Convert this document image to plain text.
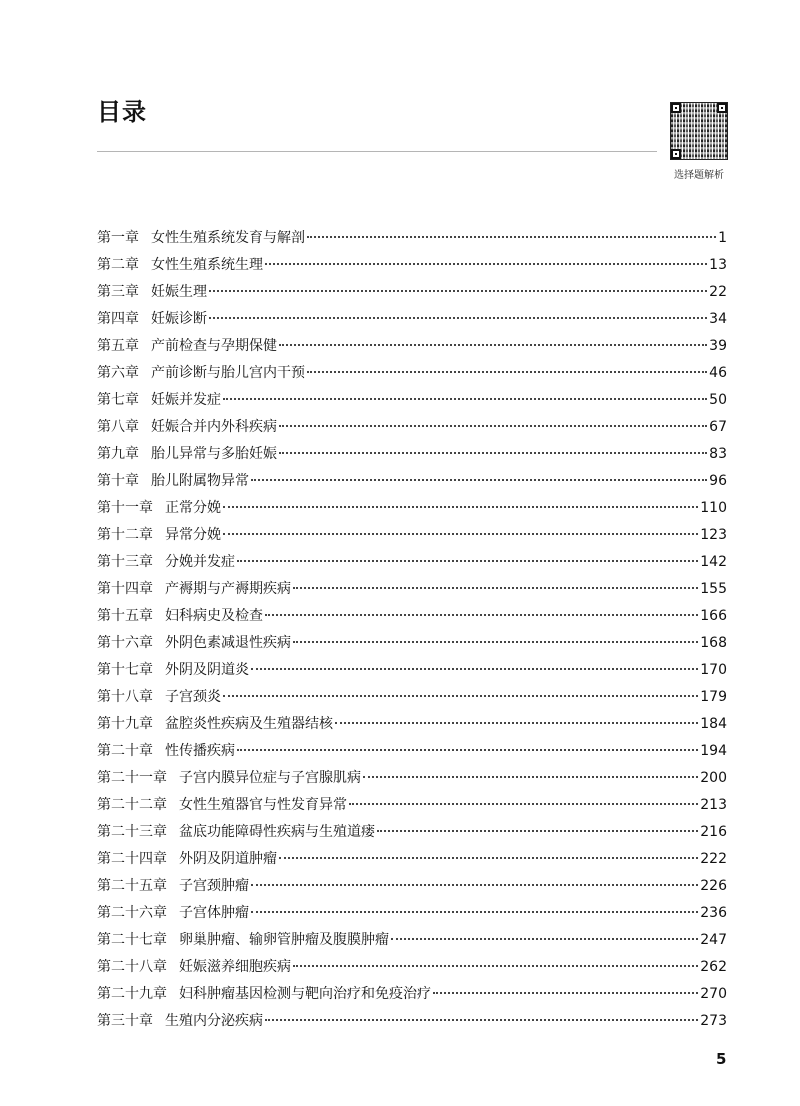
目录
选择题解析
第一章 女性生殖系统发育与解剖	1
第二章 女性生殖系统生理	13
第三章 妊娠生理	22
第四章 妊娠诊断	34
第五章 产前检查与孕期保健	39
第六章 产前诊断与胎儿宫内干预	46
第七章 妊娠并发症	50
第八章 妊娠合并内外科疾病	67
第九章 胎儿异常与多胎妊娠	83
第十章 胎儿附属物异常	96
第十一章 正常分娩	110
第十二章 异常分娩	123
第十三章 分娩并发症	142
第十四章 产褥期与产褥期疾病	155
第十五章 妇科病史及检查	166
第十六章 外阴色素减退性疾病	168
第十七章 外阴及阴道炎	170
第十八章 子宫颈炎	179
第十九章 盆腔炎性疾病及生殖器结核	184
第二十章 性传播疾病	194
第二十一章 子宫内膜异位症与子宫腺肌病	200
第二十二章 女性生殖器官与性发育异常	213
第二十三章 盆底功能障碍性疾病与生殖道瘘	216
第二十四章 外阴及阴道肿瘤	222
第二十五章 子宫颈肿瘤	226
第二十六章 子宫体肿瘤	236
第二十七章 卵巢肿瘤、输卵管肿瘤及腹膜肿瘤	247
第二十八章 妊娠滋养细胞疾病	262
第二十九章 妇科肿瘤基因检测与靶向治疗和免疫治疗	270
第三十章 生殖内分泌疾病	273
5
